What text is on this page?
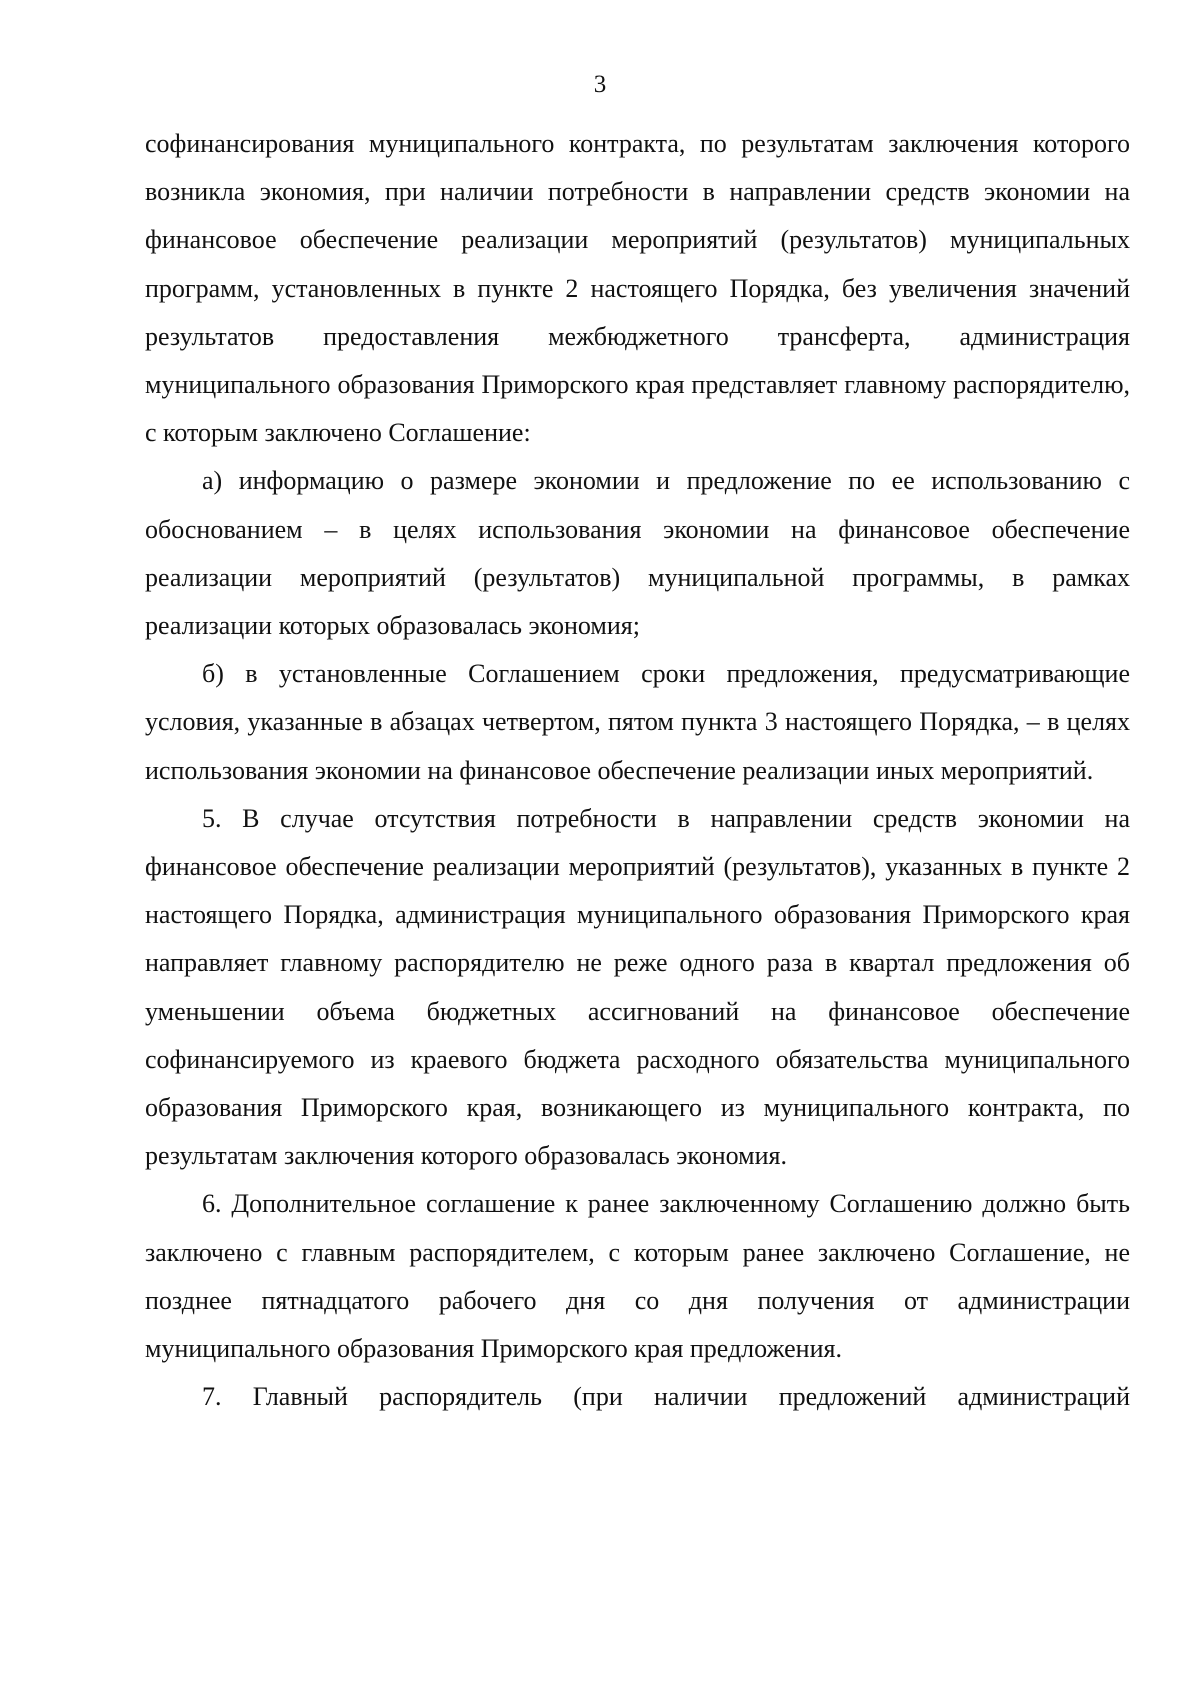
3

софинансирования муниципального контракта, по результатам заключения которого возникла экономия, при наличии потребности в направлении средств экономии на финансовое обеспечение реализации мероприятий (результатов) муниципальных программ, установленных в пункте 2 настоящего Порядка, без увеличения значений результатов предоставления межбюджетного трансферта, администрация муниципального образования Приморского края представляет главному распорядителю, с которым заключено Соглашение:

а) информацию о размере экономии и предложение по ее использованию с обоснованием – в целях использования экономии на финансовое обеспечение реализации мероприятий (результатов) муниципальной программы, в рамках реализации которых образовалась экономия;

б) в установленные Соглашением сроки предложения, предусматривающие условия, указанные в абзацах четвертом, пятом пункта 3 настоящего Порядка, – в целях использования экономии на финансовое обеспечение реализации иных мероприятий.

5. В случае отсутствия потребности в направлении средств экономии на финансовое обеспечение реализации мероприятий (результатов), указанных в пункте 2 настоящего Порядка, администрация муниципального образования Приморского края направляет главному распорядителю не реже одного раза в квартал предложения об уменьшении объема бюджетных ассигнований на финансовое обеспечение софинансируемого из краевого бюджета расходного обязательства муниципального образования Приморского края, возникающего из муниципального контракта, по результатам заключения которого образовалась экономия.

6. Дополнительное соглашение к ранее заключенному Соглашению должно быть заключено с главным распорядителем, с которым ранее заключено Соглашение, не позднее пятнадцатого рабочего дня со дня получения от администрации муниципального образования Приморского края предложения.

7. Главный распорядитель (при наличии предложений администраций
